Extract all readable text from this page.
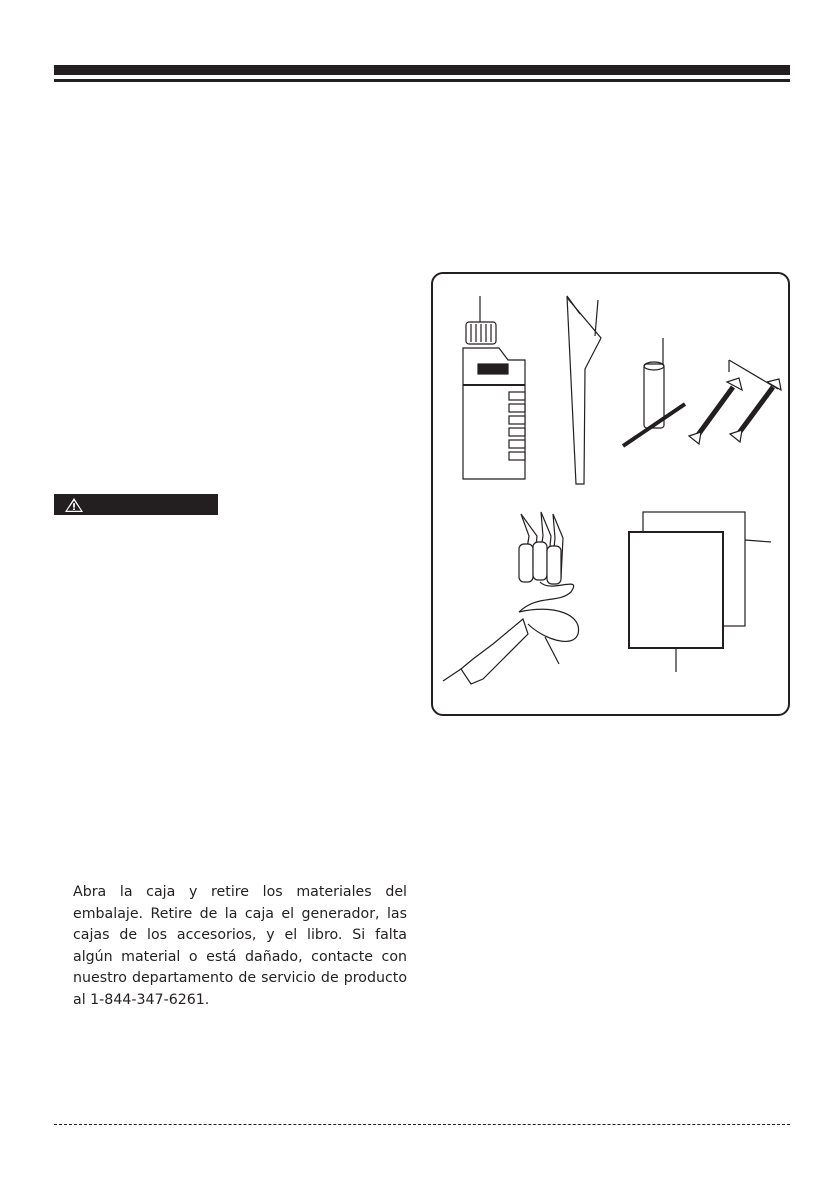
Abra la caja y retire los materiales del embalaje. Retire de la caja el generador, las cajas de los accesorios, y el libro. Si falta algún material o está dañado, contacte con nuestro departamento de servicio de producto al 1-844-347-6261.
